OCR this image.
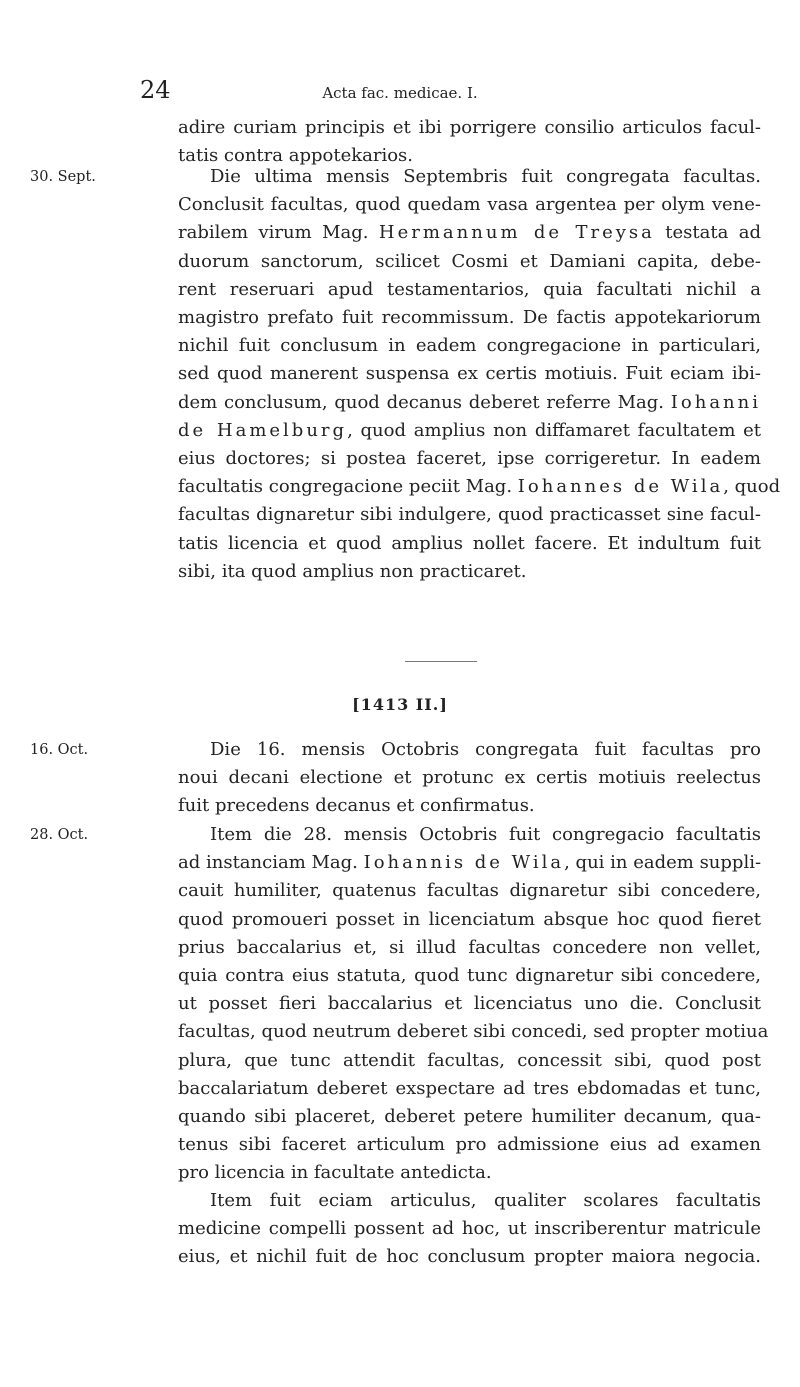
24	Acta fac. medicae. I.
adire curiam principis et ibi porrigere consilio articulos facul-
tatis contra appotekarios.
30. Sept.	Die ultima mensis Septembris fuit congregata facultas.
Conclusit facultas, quod quedam vasa argentea per olym vene-
rabilem virum Mag. Hermannum de Treysa testata ad
duorum sanctorum, scilicet Cosmi et Damiani capita, debe-
rent reseruari apud testamentarios, quia facultati nichil a
magistro prefato fuit recommissum. De factis appotekariorum
nichil fuit conclusum in eadem congregacione in particulari,
sed quod manerent suspensa ex certis motiuis. Fuit eciam ibi-
dem conclusum, quod decanus deberet referre Mag. Iohanni
de Hamelburg, quod amplius non diffamaret facultatem et
eius doctores; si postea faceret, ipse corrigeretur. In eadem
facultatis congregacione peciit Mag. Iohannes de Wila, quod
facultas dignaretur sibi indulgere, quod practicasset sine facul-
tatis licencia et quod amplius nollet facere. Et indultum fuit
sibi, ita quod amplius non practicaret.
[1413 II.]
16. Oct.	Die 16. mensis Octobris congregata fuit facultas pro
noui decani electione et protunc ex certis motiuis reelectus
fuit precedens decanus et confirmatus.
28. Oct.	Item die 28. mensis Octobris fuit congregacio facultatis
ad instanciam Mag. Iohannis de Wila, qui in eadem suppli-
cauit humiliter, quatenus facultas dignaretur sibi concedere,
quod promoueri posset in licenciatum absque hoc quod fieret
prius baccalarius et, si illud facultas concedere non vellet,
quia contra eius statuta, quod tunc dignaretur sibi concedere,
ut posset fieri baccalarius et licenciatus uno die. Conclusit
facultas, quod neutrum deberet sibi concedi, sed propter motiua
plura, que tunc attendit facultas, concessit sibi, quod post
baccalariatum deberet exspectare ad tres ebdomadas et tunc,
quando sibi placeret, deberet petere humiliter decanum, qua-
tenus sibi faceret articulum pro admissione eius ad examen
pro licencia in facultate antedicta.
Item fuit eciam articulus, qualiter scolares facultatis
medicine compelli possent ad hoc, ut inscriberentur matricule
eius, et nichil fuit de hoc conclusum propter maiora negocia.
